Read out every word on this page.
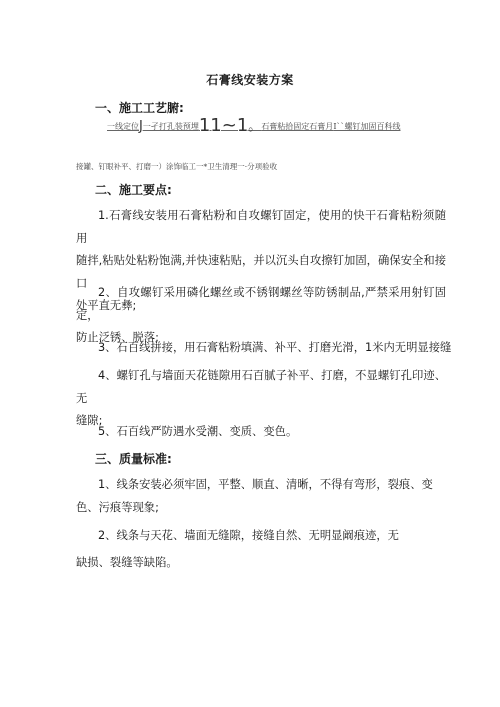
石膏线安装方案
一、施工工艺腑:
一线定位J一孑打孔装预埋11~1。石膏粘拾固定石膏月I``螺钉加固百科线
接罐、钉眼补平、打磨一）涂饰临工一*卫生清理一·分项验收
二、施工要点:
1.石膏线安装用石膏粘粉和自攻螺钉固定，使用的快干石膏粘粉须随用
随拌,粘贴处粘粉饱满,并快速粘贴，并以沉头自攻擦钉加固，确保安全和接口
处平直无彝;
2、自攻螺钉采用磷化螺丝或不锈钢螺丝等防锈制品,严禁采用射钉固定，
防止泛锈、脱落;
3、石百线拼接，用石膏粘粉填满、补平、打磨光滑，1米内无明显接缝
4、螺钉孔与墙面天花链隙用石百腻子补平、打磨，不显螺钉孔印迹、无
缝隙;
5、石百线严防遇水受潮、变质、变色。
三、质量标准:
1、线条安装必须牢固，平整、顺直、清晰，不得有弯形，裂痕、变
色、污痕等现象;
2、线条与天花、墙面无缝隙，接缝自然、无明显阚痕迹，无
缺损、裂缝等缺陷。
